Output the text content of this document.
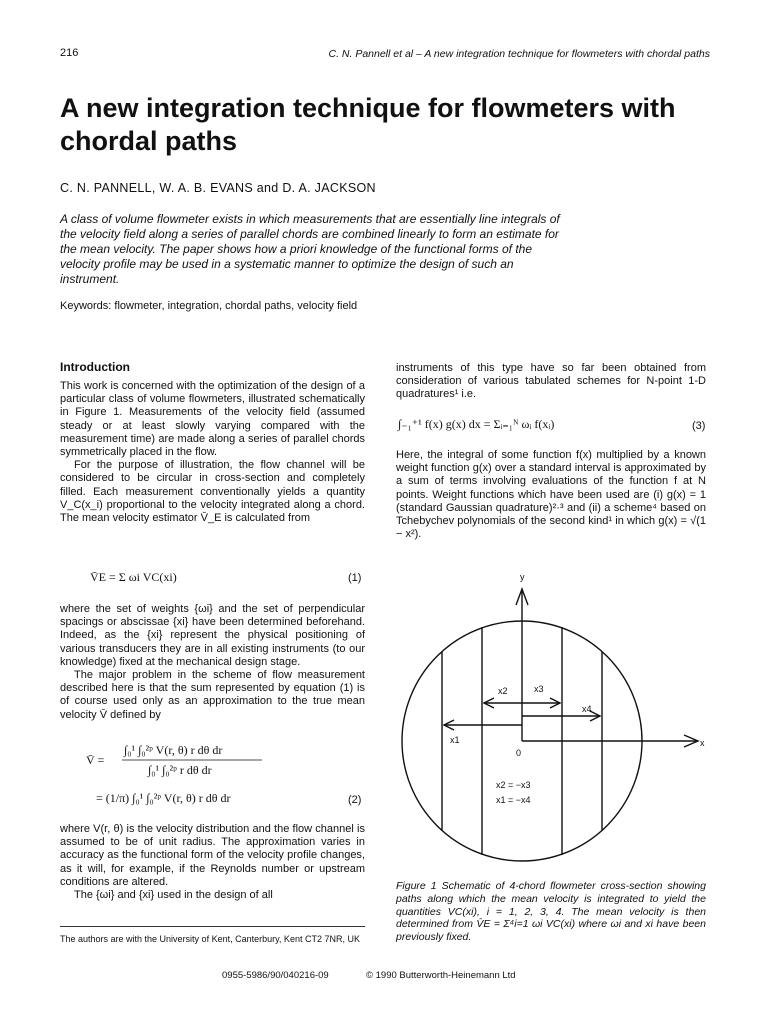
216	C. N. Pannell et al – A new integration technique for flowmeters with chordal paths
A new integration technique for flowmeters with chordal paths
C. N. PANNELL, W. A. B. EVANS and D. A. JACKSON
A class of volume flowmeter exists in which measurements that are essentially line integrals of the velocity field along a series of parallel chords are combined linearly to form an estimate for the mean velocity. The paper shows how a priori knowledge of the functional forms of the velocity profile may be used in a systematic manner to optimize the design of such an instrument.
Keywords: flowmeter, integration, chordal paths, velocity field
Introduction

This work is concerned with the optimization of the design of a particular class of volume flowmeters, illustrated schematically in Figure 1. Measurements of the velocity field (assumed steady or at least slowly varying compared with the measurement time) are made along a series of parallel chords symmetrically placed in the flow.

For the purpose of illustration, the flow channel will be considered to be circular in cross-section and completely filled. Each measurement conventionally yields a quantity V_C(x_i) proportional to the velocity integrated along a chord. The mean velocity estimator V̄_E is calculated from

V̄E = Σ ωi VC(xi)	(1)

where the set of weights {ωi} and the set of perpendicular spacings or abscissae {xi} have been determined beforehand. Indeed, as the {xi} represent the physical positioning of various transducers they are in all existing instruments (to our knowledge) fixed at the mechanical design stage.

The major problem in the scheme of flow measurement described here is that the sum represented by equation (1) is of course used only as an approximation to the true mean velocity V̄ defined by

V̄ =
∫₀¹ ∫₀²ᵖ V(r, θ) r dθ dr
∫₀¹ ∫₀²ᵖ r dθ dr
= (1/π) ∫₀¹ ∫₀²ᵖ V(r, θ) r dθ dr	(2)

where V(r, θ) is the velocity distribution and the flow channel is assumed to be of unit radius. The approximation varies in accuracy as the functional form of the velocity profile changes, as it will, for example, if the Reynolds number or upstream conditions are altered.

The {ωi} and {xi} used in the design of all

The authors are with the University of Kent, Canterbury, Kent CT2 7NR, UK
instruments of this type have so far been obtained from consideration of various tabulated schemes for N-point 1-D quadratures¹ i.e.
∫₋₁⁺¹ f(x) g(x) dx = Σᵢ₌₁ᴺ ωᵢ f(xᵢ)	(3)
Here, the integral of some function f(x) multiplied by a known weight function g(x) over a standard interval is approximated by a sum of terms involving evaluations of the function f at N points. Weight functions which have been used are (i) g(x) = 1 (standard Gaussian quadrature)²·³ and (ii) a scheme⁴ based on Tchebychev polynomials of the second kind¹ in which g(x) = √(1 − x²).
y
x
0
x2	x3
x4
x1
x2 = −x3
x1 = −x4
Figure 1 Schematic of 4-chord flowmeter cross-section showing paths along which the mean velocity is integrated to yield the quantities VC(xi), i = 1, 2, 3, 4. The mean velocity is then determined from V̄E = Σ⁴i=1 ωi VC(xi) where ωi and xi have been previously fixed.
0955-5986/90/040216-09	© 1990 Butterworth-Heinemann Ltd
